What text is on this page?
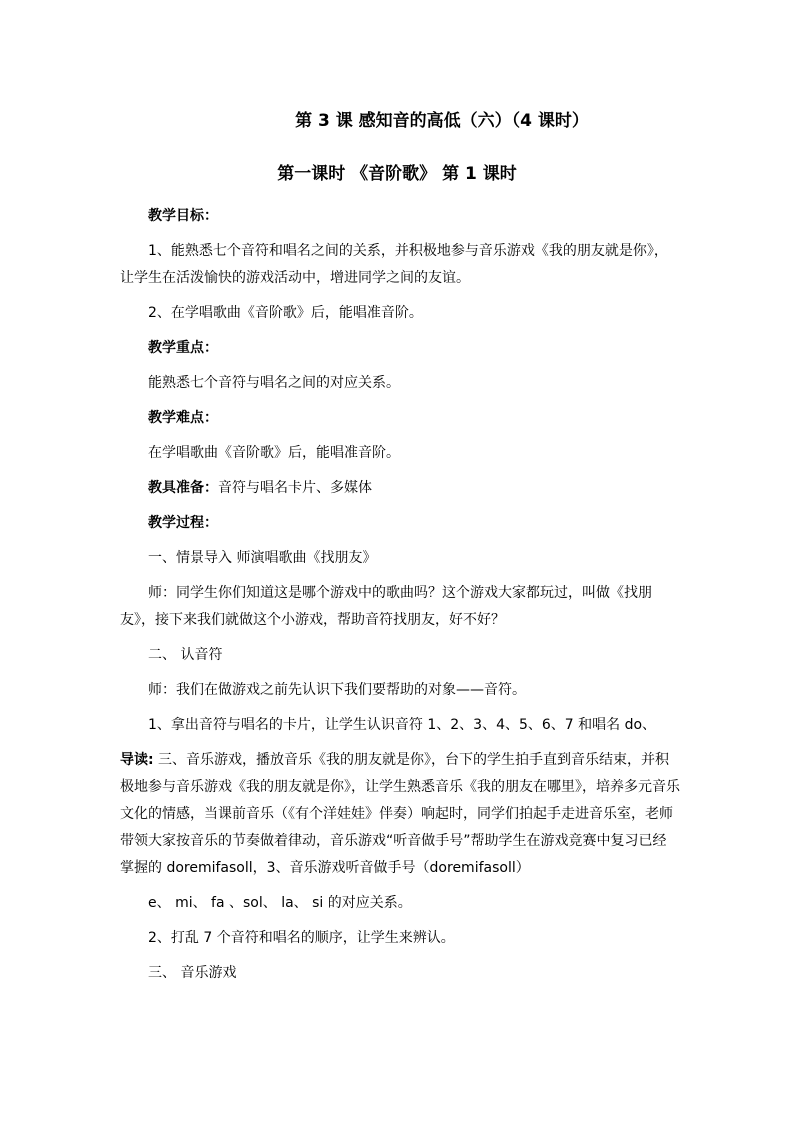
第 3 课 感知音的高低（六）（4 课时）
第一课时 《音阶歌》 第 1 课时

教学目标：

1、能熟悉七个音符和唱名之间的关系，并积极地参与音乐游戏《我的朋友就是你》，让学生在活泼愉快的游戏活动中，增进同学之间的友谊。

2、在学唱歌曲《音阶歌》后，能唱准音阶。

教学重点：

能熟悉七个音符与唱名之间的对应关系。

教学难点：

在学唱歌曲《音阶歌》后，能唱准音阶。

教具准备：音符与唱名卡片、多媒体

教学过程：

一、情景导入 师演唱歌曲《找朋友》

师：同学生你们知道这是哪个游戏中的歌曲吗？这个游戏大家都玩过，叫做《找朋友》，接下来我们就做这个小游戏，帮助音符找朋友，好不好？

二、 认音符

师：我们在做游戏之前先认识下我们要帮助的对象——音符。

1、拿出音符与唱名的卡片，让学生认识音符 1、2、3、4、5、6、7 和唱名 do、

导读: 三、音乐游戏，播放音乐《我的朋友就是你》，台下的学生拍手直到音乐结束，并积极地参与音乐游戏《我的朋友就是你》，让学生熟悉音乐《我的朋友在哪里》，培养多元音乐文化的情感，当课前音乐（《有个洋娃娃》伴奏）响起时，同学们拍起手走进音乐室，老师带领大家按音乐的节奏做着律动，音乐游戏“听音做手号”帮助学生在游戏竞赛中复习已经掌握的 doremifasoll，3、音乐游戏听音做手号（doremifasoll）

e、 mi、 fa 、sol、 la、 si 的对应关系。

2、打乱 7 个音符和唱名的顺序，让学生来辨认。

三、 音乐游戏
